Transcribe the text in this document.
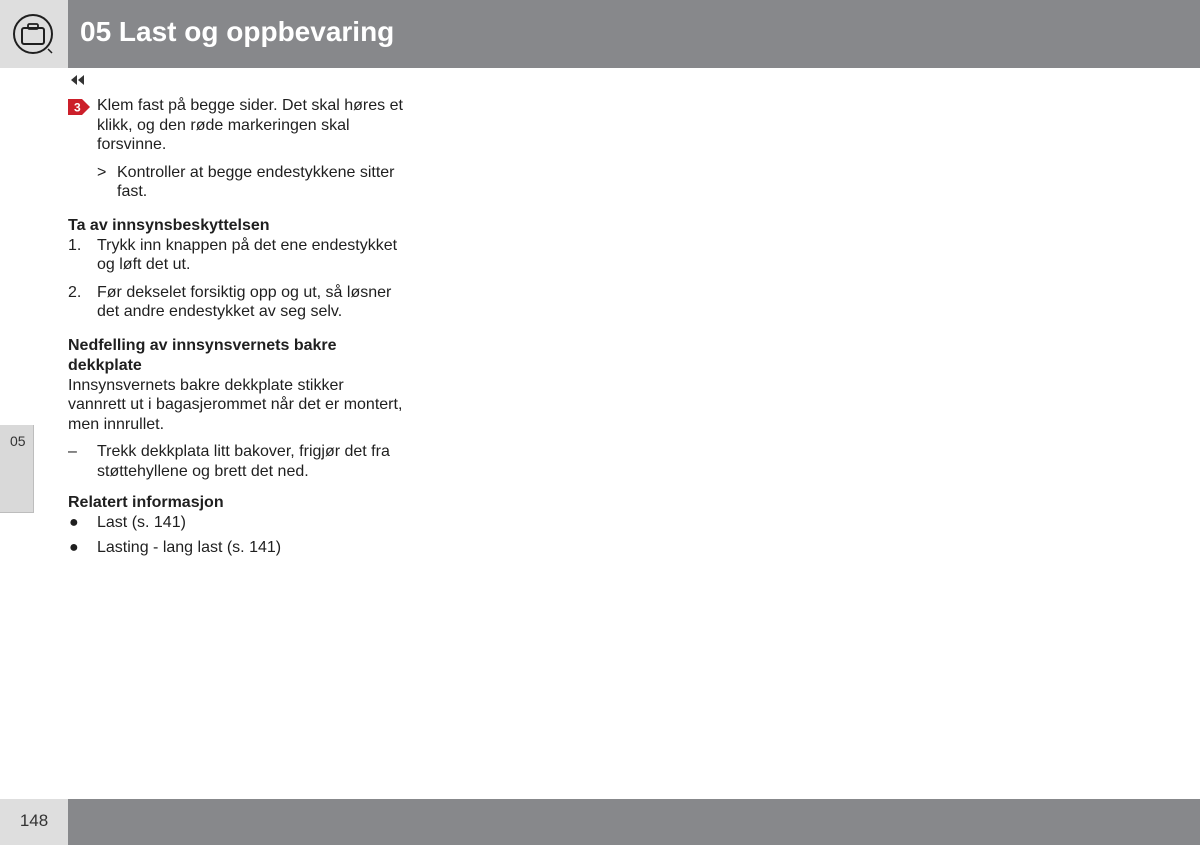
05 Last og oppbevaring
05
3 Klem fast på begge sider. Det skal høres et klikk, og den røde markeringen skal forsvinne.

> Kontroller at begge endestykkene sitter fast.

Ta av innsynsbeskyttelsen
1. Trykk inn knappen på det ene endestykket og løft det ut.

2. Før dekselet forsiktig opp og ut, så løsner det andre endestykket av seg selv.

Nedfelling av innsynsvernets bakre dekkplate

Innsynsvernets bakre dekkplate stikker vannrett ut i bagasjerommet når det er montert, men innrullet.

– Trekk dekkplata litt bakover, frigjør det fra støttehyllene og brett det ned.

Relatert informasjon
● Last (s. 141)
● Lasting - lang last (s. 141)
148
